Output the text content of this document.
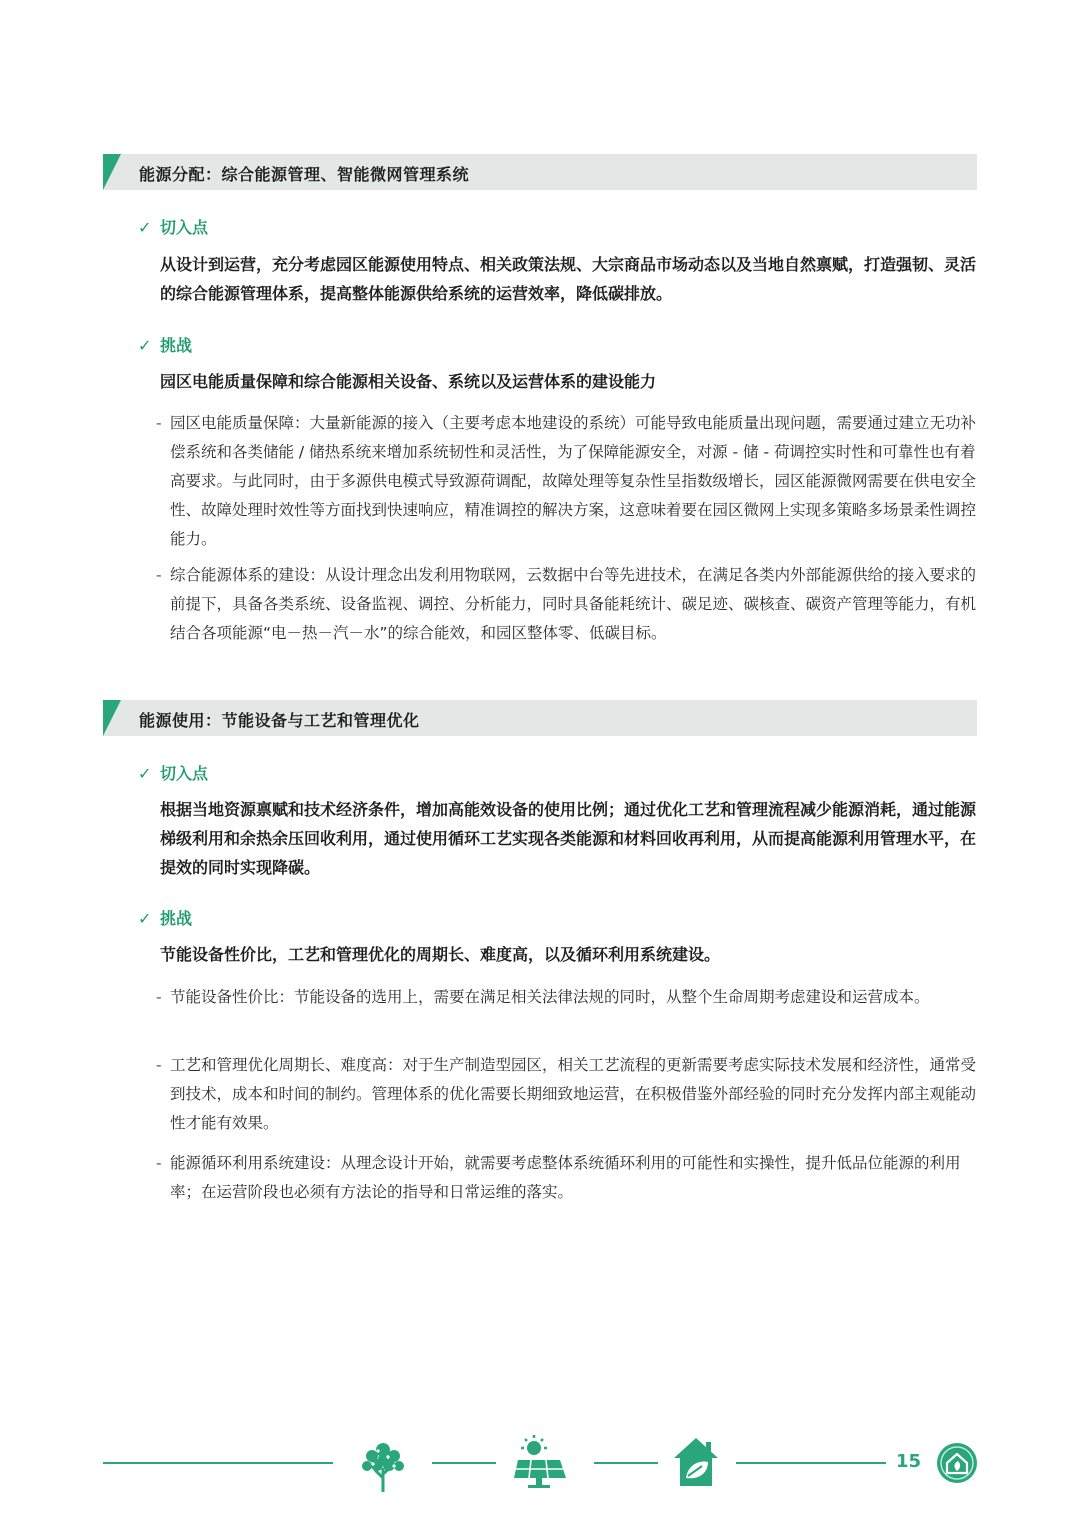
能源分配：综合能源管理、智能微网管理系统
✓ 切入点
从设计到运营，充分考虑园区能源使用特点、相关政策法规、大宗商品市场动态以及当地自然禀赋，打造强韧、灵活的综合能源管理体系，提高整体能源供给系统的运营效率，降低碳排放。
✓ 挑战
园区电能质量保障和综合能源相关设备、系统以及运营体系的建设能力
- 园区电能质量保障：大量新能源的接入（主要考虑本地建设的系统）可能导致电能质量出现问题，需要通过建立无功补偿系统和各类储能 / 储热系统来增加系统韧性和灵活性，为了保障能源安全，对源 - 储 - 荷调控实时性和可靠性也有着高要求。与此同时，由于多源供电模式导致源荷调配，故障处理等复杂性呈指数级增长，园区能源微网需要在供电安全性、故障处理时效性等方面找到快速响应，精准调控的解决方案，这意味着要在园区微网上实现多策略多场景柔性调控能力。
- 综合能源体系的建设：从设计理念出发利用物联网，云数据中台等先进技术，在满足各类内外部能源供给的接入要求的前提下，具备各类系统、设备监视、调控、分析能力，同时具备能耗统计、碳足迹、碳核查、碳资产管理等能力，有机结合各项能源“电－热－汽－水”的综合能效，和园区整体零、低碳目标。
能源使用：节能设备与工艺和管理优化
✓ 切入点
根据当地资源禀赋和技术经济条件，增加高能效设备的使用比例；通过优化工艺和管理流程减少能源消耗，通过能源梯级利用和余热余压回收利用，通过使用循环工艺实现各类能源和材料回收再利用，从而提高能源利用管理水平，在提效的同时实现降碳。
✓ 挑战
节能设备性价比，工艺和管理优化的周期长、难度高，以及循环利用系统建设。
- 节能设备性价比：节能设备的选用上，需要在满足相关法律法规的同时，从整个生命周期考虑建设和运营成本。
- 工艺和管理优化周期长、难度高：对于生产制造型园区，相关工艺流程的更新需要考虑实际技术发展和经济性，通常受到技术，成本和时间的制约。管理体系的优化需要长期细致地运营，在积极借鉴外部经验的同时充分发挥内部主观能动性才能有效果。
- 能源循环利用系统建设：从理念设计开始，就需要考虑整体系统循环利用的可能性和实操性，提升低品位能源的利用率；在运营阶段也必须有方法论的指导和日常运维的落实。
15
